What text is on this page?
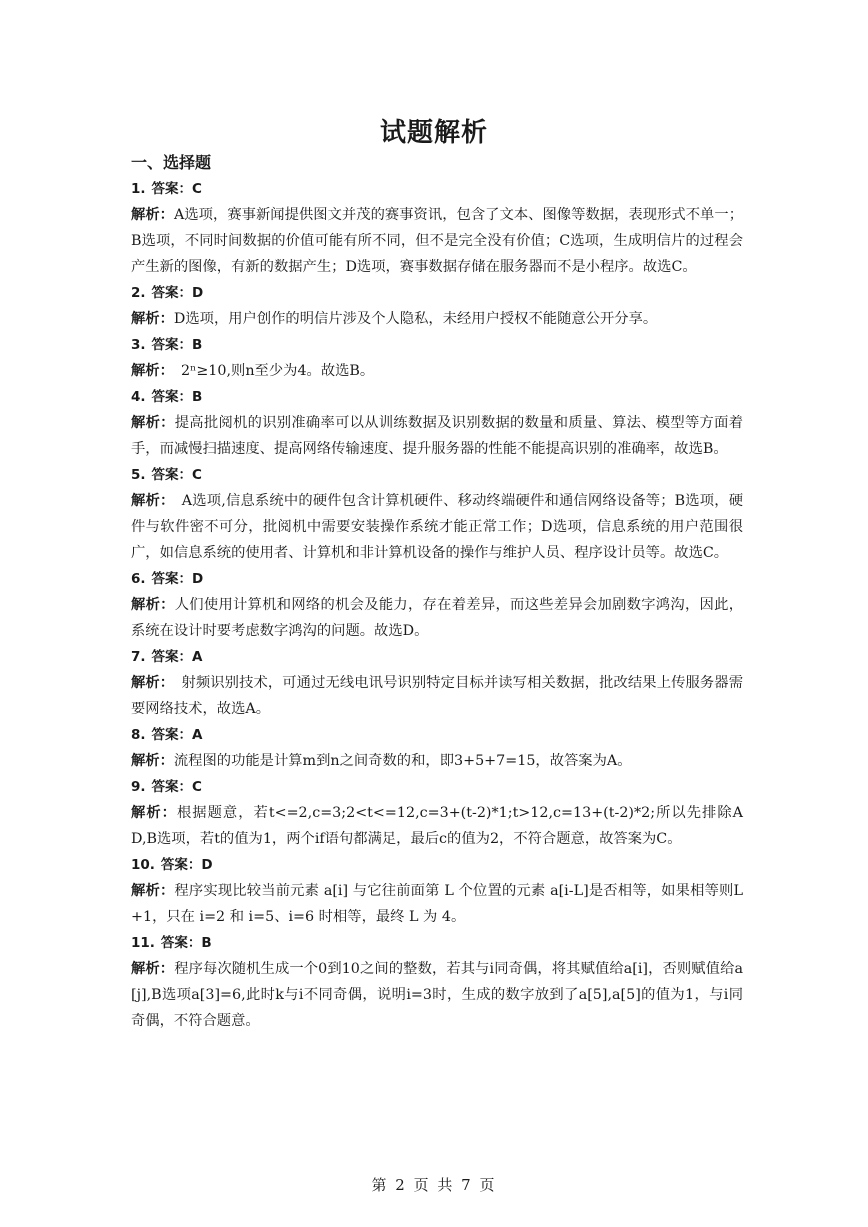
试题解析
一、选择题
1. 答案：C

解析：A选项，赛事新闻提供图文并茂的赛事资讯，包含了文本、图像等数据，表现形式不单一；B选项，不同时间数据的价值可能有所不同，但不是完全没有价值；C选项，生成明信片的过程会产生新的图像，有新的数据产生；D选项，赛事数据存储在服务器而不是小程序。故选C。

2. 答案：D

解析：D选项，用户创作的明信片涉及个人隐私，未经用户授权不能随意公开分享。

3. 答案：B

解析：　2ⁿ≥10,则n至少为4。故选B。

4. 答案：B

解析：提高批阅机的识别准确率可以从训练数据及识别数据的数量和质量、算法、模型等方面着手，而减慢扫描速度、提高网络传输速度、提升服务器的性能不能提高识别的准确率，故选B。

5. 答案：C

解析：　A选项,信息系统中的硬件包含计算机硬件、移动终端硬件和通信网络设备等；B选项，硬件与软件密不可分，批阅机中需要安装操作系统才能正常工作；D选项，信息系统的用户范围很广，如信息系统的使用者、计算机和非计算机设备的操作与维护人员、程序设计员等。故选C。

6. 答案：D

解析：人们使用计算机和网络的机会及能力，存在着差异，而这些差异会加剧数字鸿沟，因此，系统在设计时要考虑数字鸿沟的问题。故选D。

7. 答案：A

解析：　射频识别技术，可通过无线电讯号识别特定目标并读写相关数据，批改结果上传服务器需要网络技术，故选A。

8. 答案：A

解析：流程图的功能是计算m到n之间奇数的和，即3+5+7=15，故答案为A。

9. 答案：C

解析：根据题意，若t<=2,c=3;2<t<=12,c=3+(t-2)*1;t>12,c=13+(t-2)*2;所以先排除AD,B选项，若t的值为1，两个if语句都满足，最后c的值为2，不符合题意，故答案为C。

10. 答案：D

解析：程序实现比较当前元素 a[i] 与它往前面第 L 个位置的元素 a[i-L]是否相等，如果相等则L+1，只在 i=2 和 i=5、i=6 时相等，最终 L 为 4。

11. 答案：B

解析：程序每次随机生成一个0到10之间的整数，若其与i同奇偶，将其赋值给a[i]，否则赋值给a[j],B选项a[3]=6,此时k与i不同奇偶，说明i=3时，生成的数字放到了a[5],a[5]的值为1，与i同奇偶，不符合题意。

第 2 页 共 7 页
